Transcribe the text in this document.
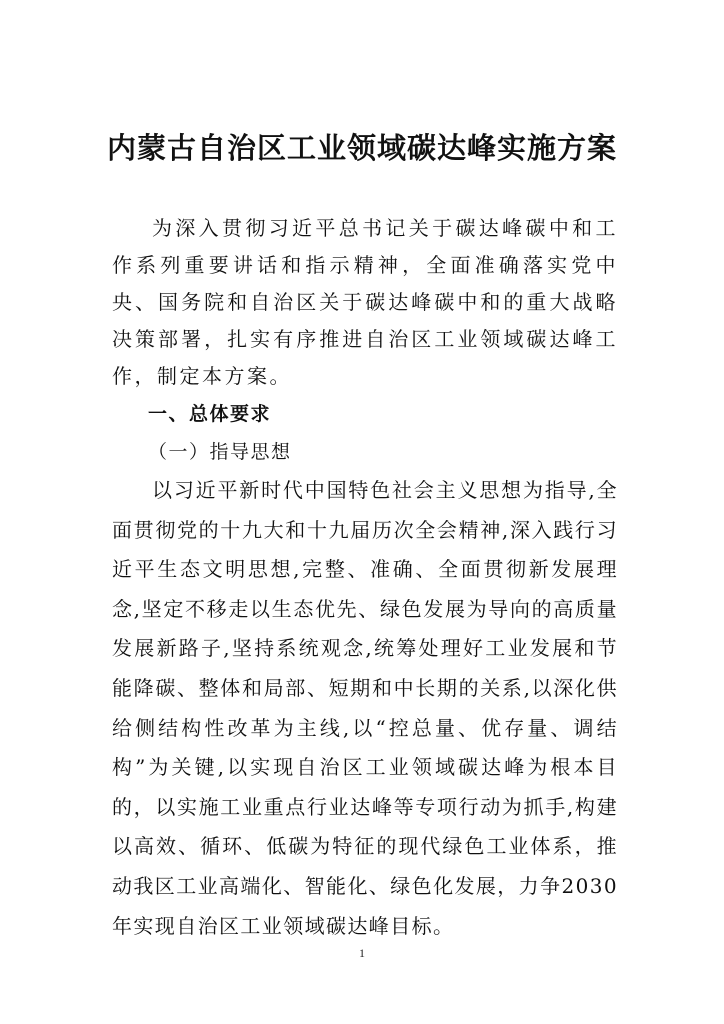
内蒙古自治区工业领域碳达峰实施方案

为深入贯彻习近平总书记关于碳达峰碳中和工作系列重要讲话和指示精神，全面准确落实党中央、国务院和自治区关于碳达峰碳中和的重大战略决策部署，扎实有序推进自治区工业领域碳达峰工作，制定本方案。

一、总体要求

（一）指导思想

以习近平新时代中国特色社会主义思想为指导,全面贯彻党的十九大和十九届历次全会精神,深入践行习近平生态文明思想,完整、准确、全面贯彻新发展理念,坚定不移走以生态优先、绿色发展为导向的高质量发展新路子,坚持系统观念,统筹处理好工业发展和节能降碳、整体和局部、短期和中长期的关系,以深化供给侧结构性改革为主线,以“控总量、优存量、调结构”为关键,以实现自治区工业领域碳达峰为根本目的，以实施工业重点行业达峰等专项行动为抓手,构建以高效、循环、低碳为特征的现代绿色工业体系，推动我区工业高端化、智能化、绿色化发展，力争2030年实现自治区工业领域碳达峰目标。

1
